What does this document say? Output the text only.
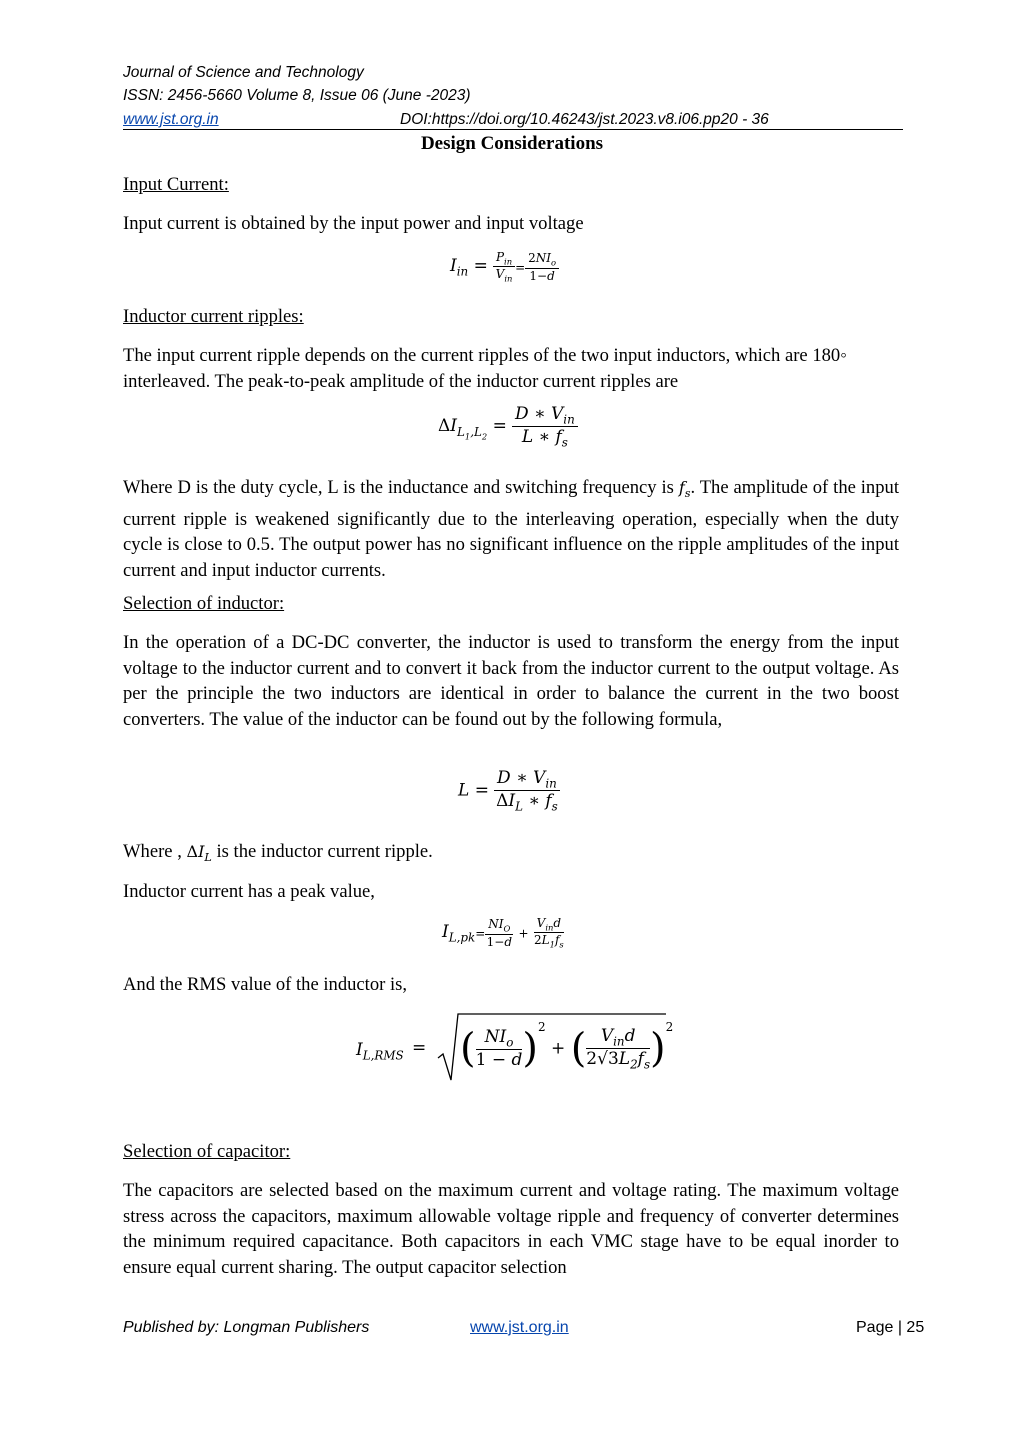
Journal of Science and Technology
ISSN: 2456-5660 Volume 8, Issue 06 (June -2023)
www.jst.org.in	DOI:https://doi.org/10.46243/jst.2023.v8.i06.pp20 - 36
Design Considerations
Input Current:
Input current is obtained by the input power and input voltage
$I_{in} = \frac{P_{in}}{V_{in}} = \frac{2NI_o}{1-d}$
Inductor current ripples:
The input current ripple depends on the current ripples of the two input inductors, which are 180◦ interleaved. The peak-to-peak amplitude of the inductor current ripples are
$\Delta I_{L_1,L_2} = \frac{D ∗ V_{in}}{L ∗ f_s}$
Where D is the duty cycle, L is the inductance and switching frequency is $f_s$. The amplitude of the input current ripple is weakened significantly due to the interleaving operation, especially when the duty cycle is close to 0.5. The output power has no significant influence on the ripple amplitudes of the input current and input inductor currents.
Selection of inductor:
In the operation of a DC-DC converter, the inductor is used to transform the energy from the input voltage to the inductor current and to convert it back from the inductor current to the output voltage. As per the principle the two inductors are identical in order to balance the current in the two boost converters. The value of the inductor can be found out by the following formula,
$L = \frac{D ∗ V_{in}}{\Delta I_L ∗ f_s}$
Where , $\Delta I_L$ is the inductor current ripple.
Inductor current has a peak value,
$I_{L,pk}= \frac{NI_O}{1-d} + \frac{V_{in}d}{2L_1f_s}$
And the RMS value of the inductor is,
$I_{L,RMS}$ = ( $\frac{NI_o}{1 - d} )^2$ + ( $\frac{V_{in}d}{2√3L_2f_s} )^2$
Selection of capacitor:
The capacitors are selected based on the maximum current and voltage rating. The maximum voltage stress across the capacitors, maximum allowable voltage ripple and frequency of converter determines the minimum required capacitance. Both capacitors in each VMC stage have to be equal inorder to ensure equal current sharing. The output capacitor selection
Published by: Longman Publishers	www.jst.org.in	Page | 25
